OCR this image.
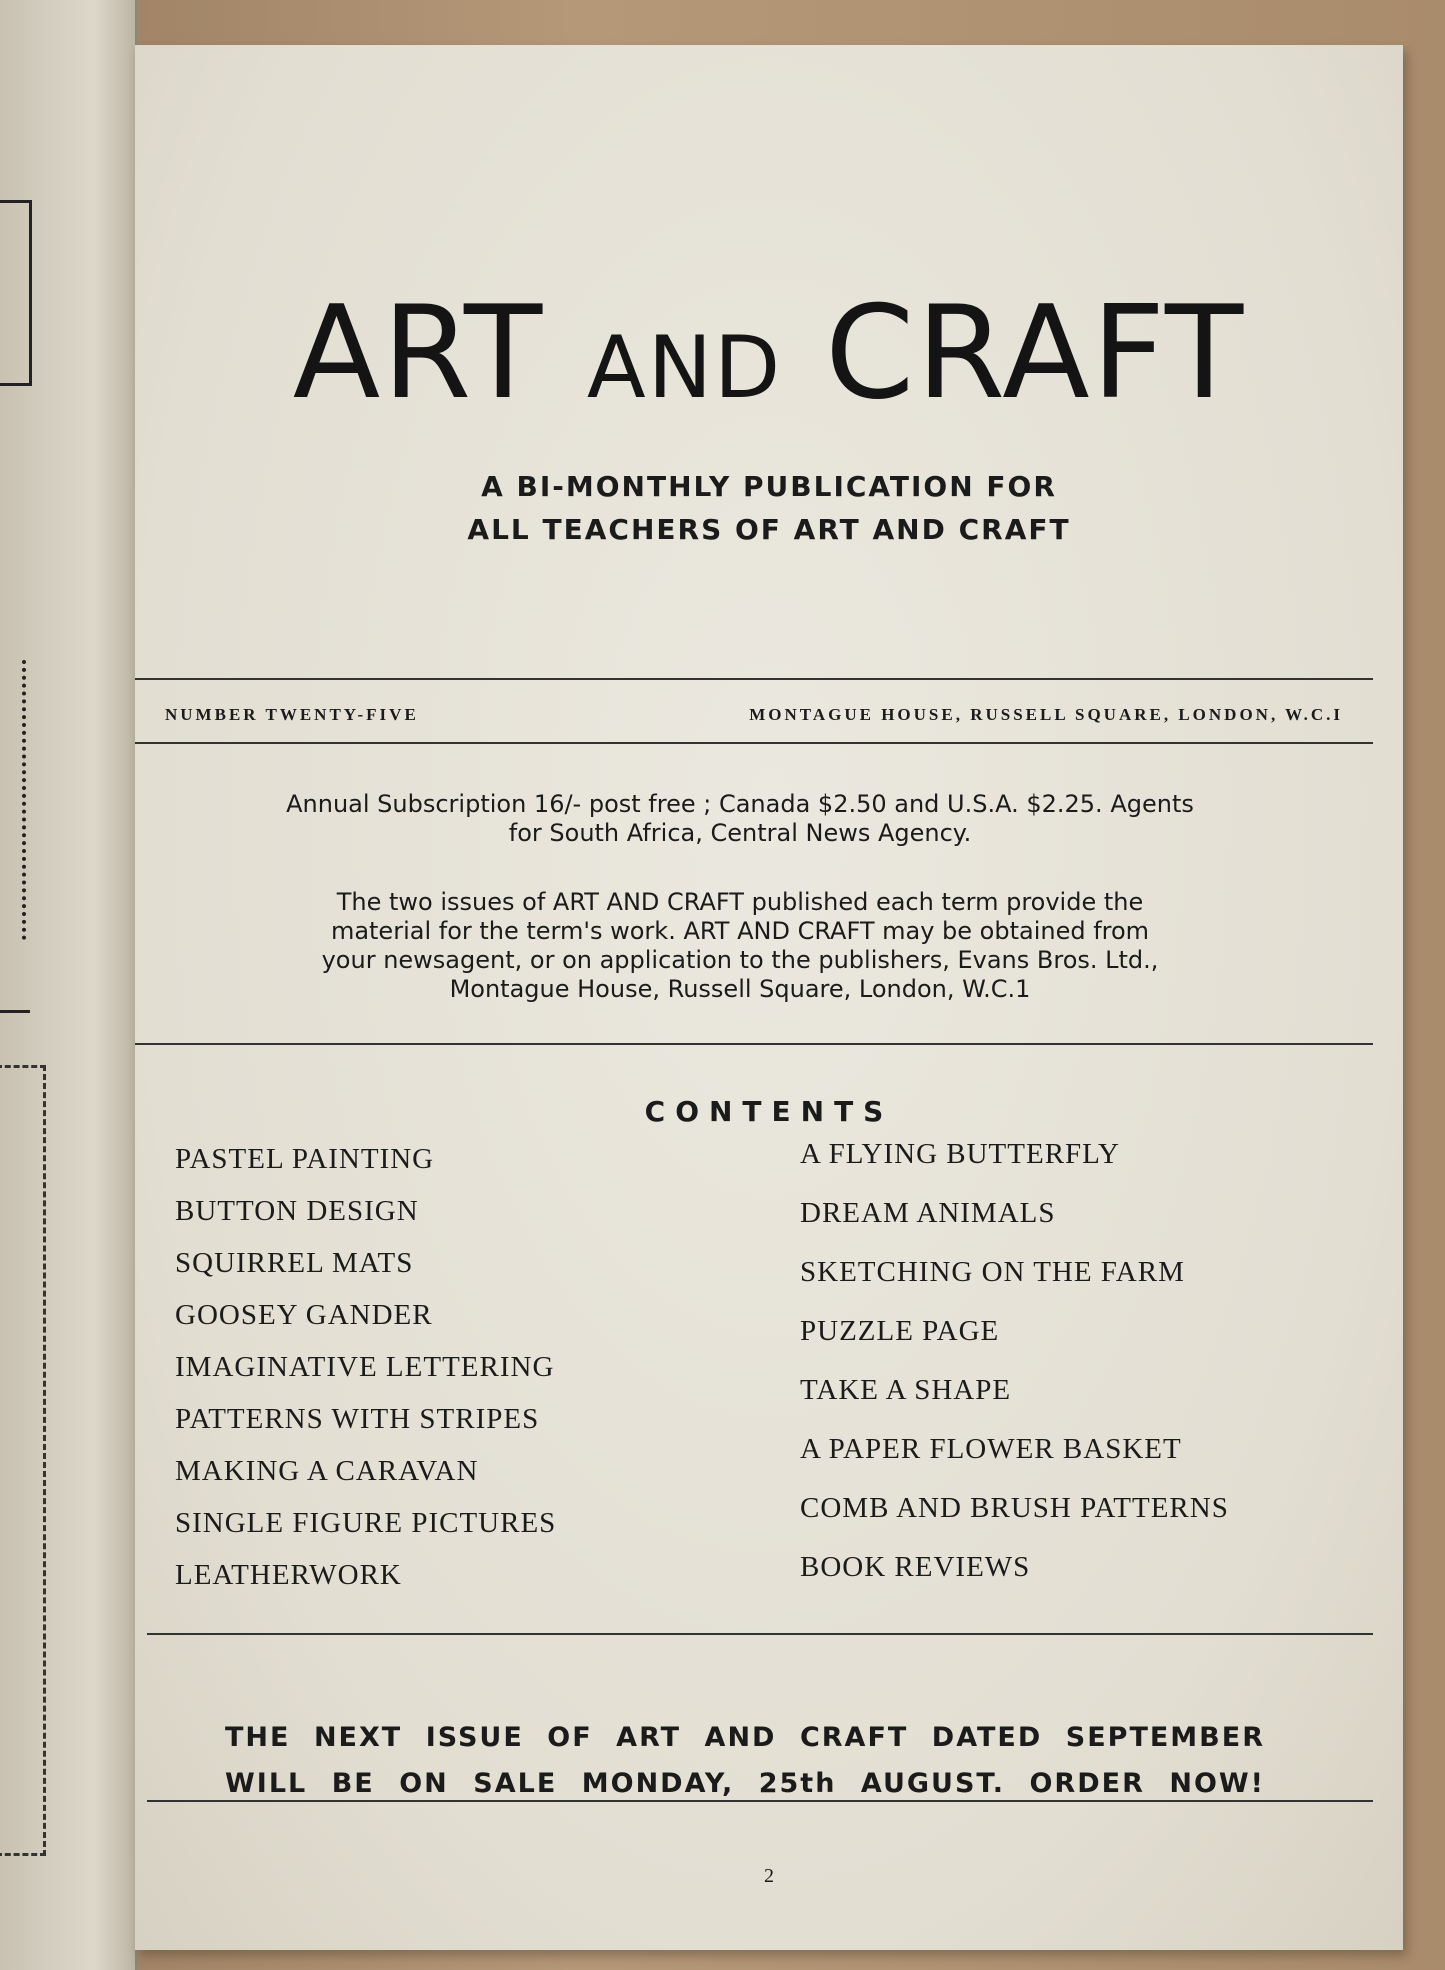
ART AND CRAFT
A BI-MONTHLY PUBLICATION FOR
ALL TEACHERS OF ART AND CRAFT
NUMBER TWENTY-FIVE	MONTAGUE HOUSE, RUSSELL SQUARE, LONDON, W.C.I
Annual Subscription 16/- post free ; Canada $2.50 and U.S.A. $2.25. Agents
for South Africa, Central News Agency.
The two issues of ART AND CRAFT published each term provide the
material for the term's work. ART AND CRAFT may be obtained from
your newsagent, or on application to the publishers, Evans Bros. Ltd.,
Montague House, Russell Square, London, W.C.1
CONTENTS
PASTEL PAINTING
BUTTON DESIGN
SQUIRREL MATS
GOOSEY GANDER
IMAGINATIVE LETTERING
PATTERNS WITH STRIPES
MAKING A CARAVAN
SINGLE FIGURE PICTURES
LEATHERWORK
A FLYING BUTTERFLY
DREAM ANIMALS
SKETCHING ON THE FARM
PUZZLE PAGE
TAKE A SHAPE
A PAPER FLOWER BASKET
COMB AND BRUSH PATTERNS
BOOK REVIEWS
THE NEXT ISSUE OF ART AND CRAFT DATED SEPTEMBER
WILL BE ON SALE MONDAY, 25th AUGUST. ORDER NOW!
2
